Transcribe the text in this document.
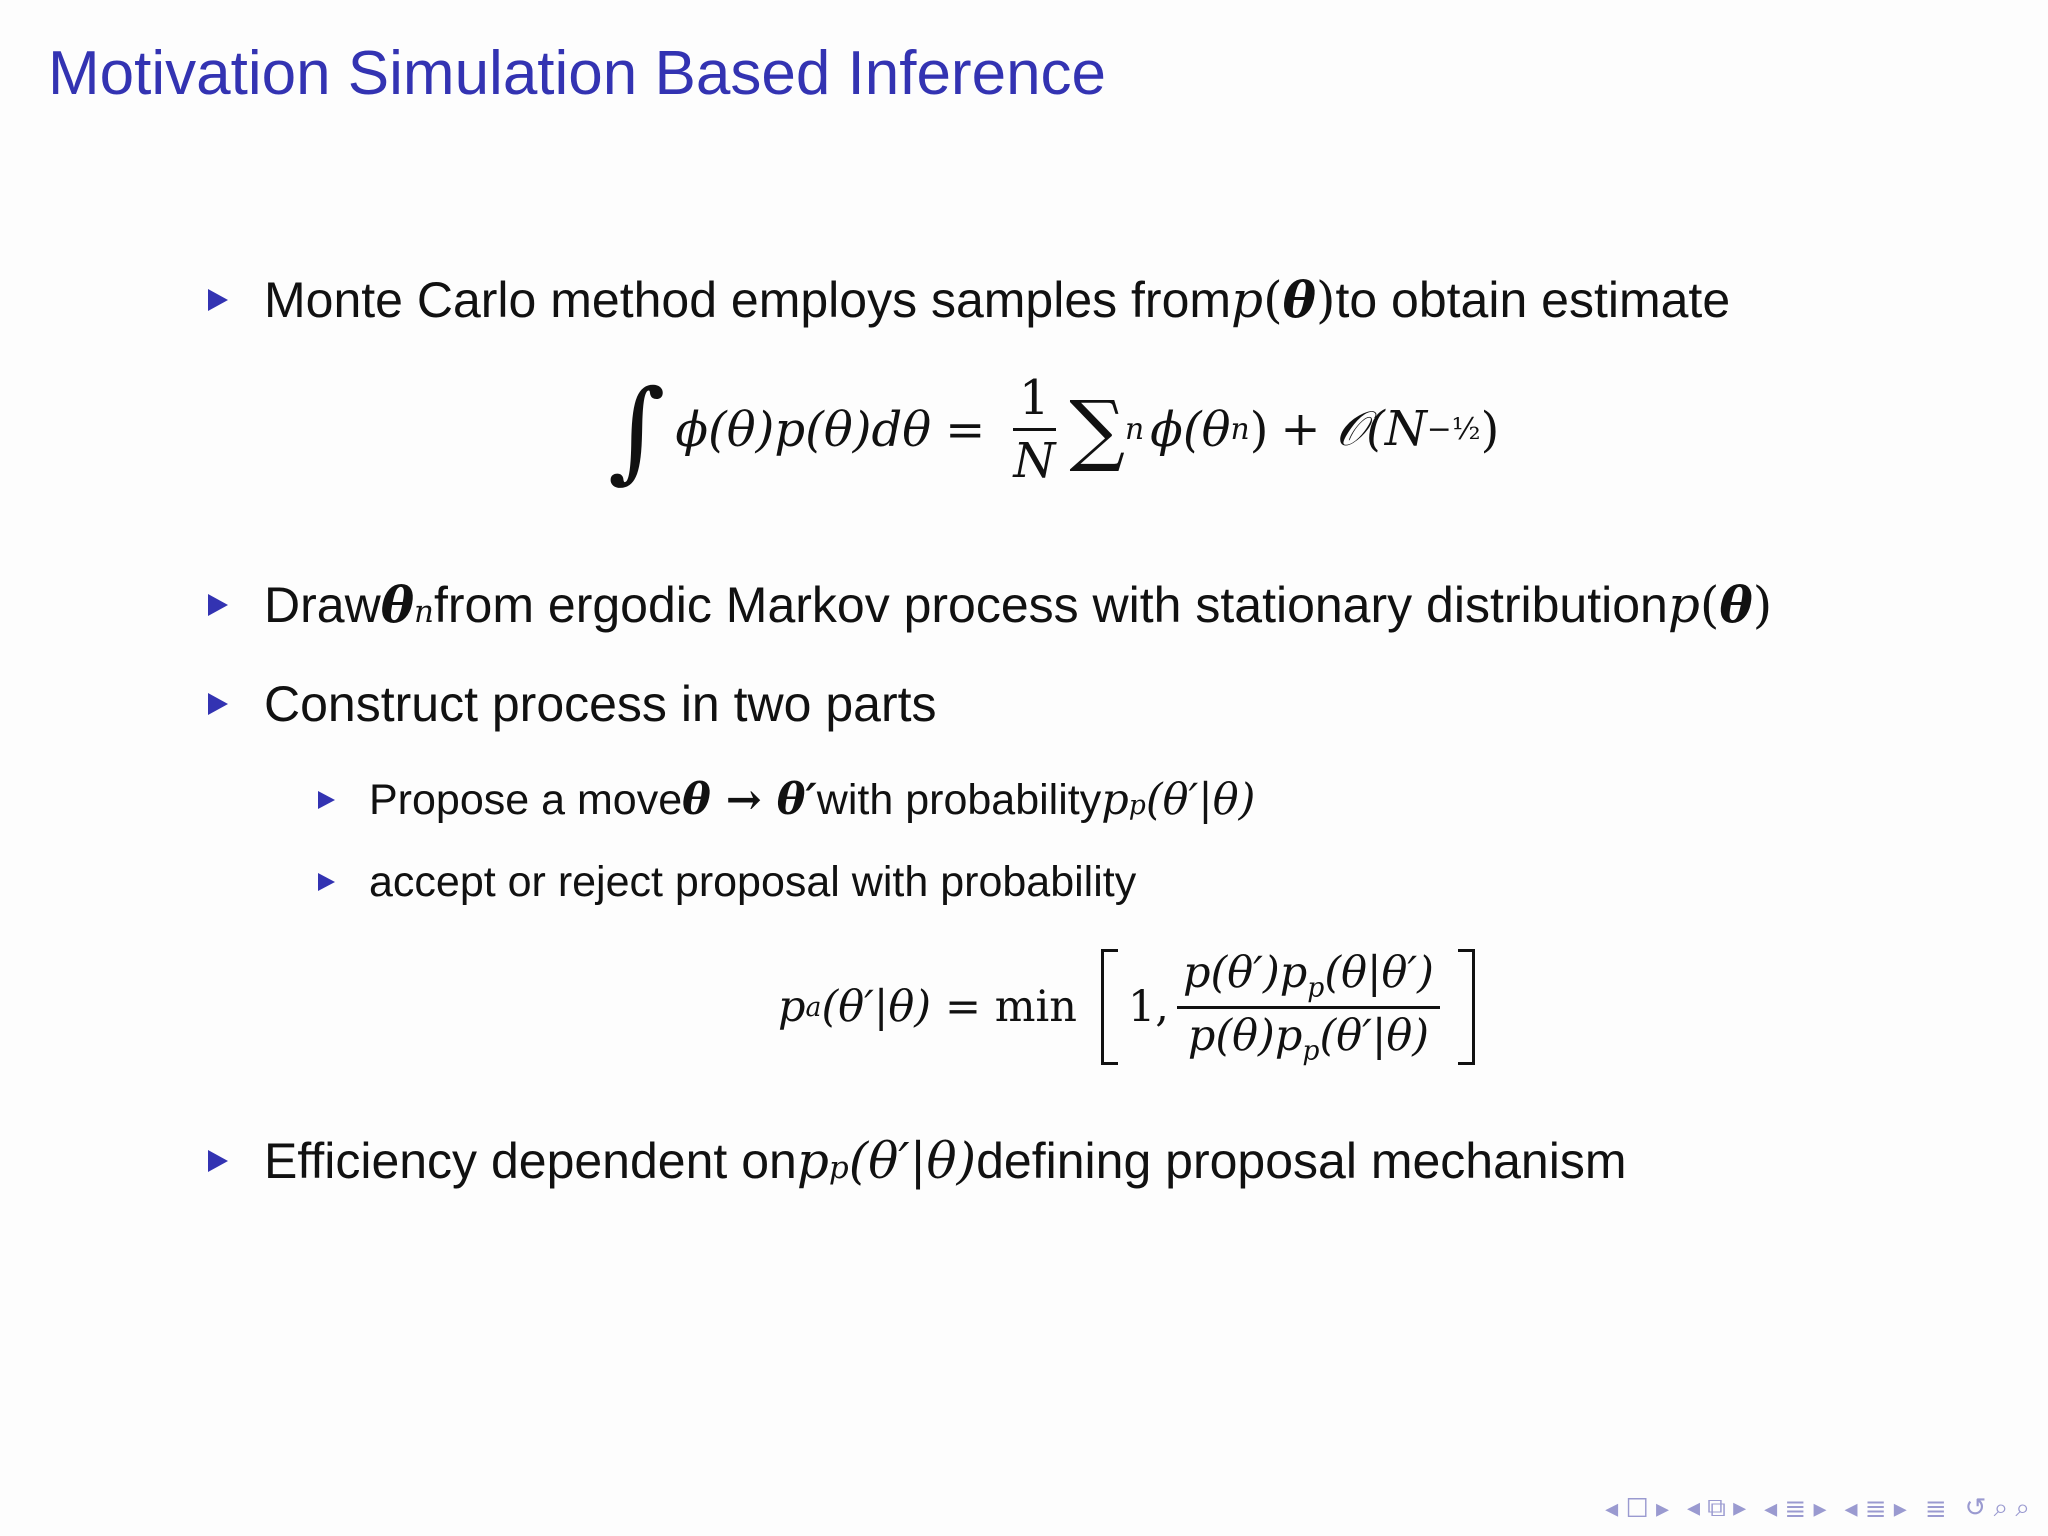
Motivation Simulation Based Inference
Monte Carlo method employs samples from p ( θ ) to obtain estimate
∫ $\phi(\theta)p(\theta)d\theta = \frac{1}{N}$ ∑ n ϕ(θ n ) + 𝒪(N −½ )
Draw θ n from ergodic Markov process with stationary distribution p ( θ )
Construct process in two parts
Propose a move θ → θ′ with probability p p (θ′|θ)
accept or reject proposal with probability
p a (θ′|θ) = min 1, $\frac{p(\theta')p_p(\theta|\theta')}{p(\theta)p_p(\theta'|\theta)}$
Efficiency dependent on p p (θ′|θ) defining proposal mechanism
◂ ☐ ▸ ◂ ⧉ ▸ ◂ ≣ ▸ ◂ ≣ ▸ ≣ ↺ ⌕ ⌕
